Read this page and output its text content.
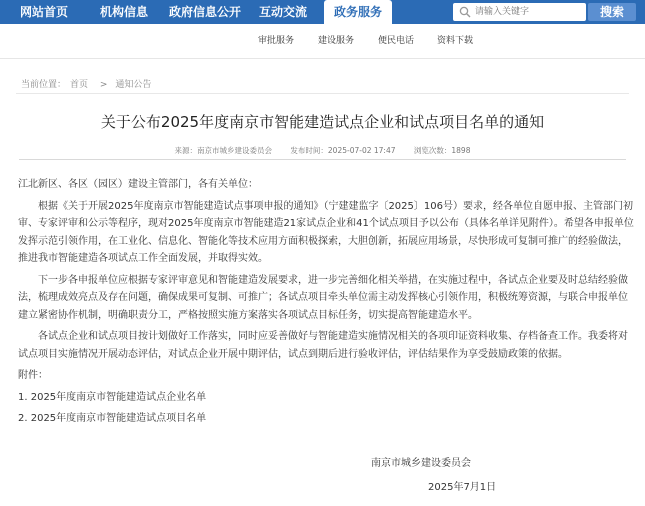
网站首页	机构信息 政府信息公开 互动交流	政务服务
请输入关键字	搜索
审批服务	建设服务	便民电话	资料下载
当前位置： 首页 > 通知公告
关于公布2025年度南京市智能建造试点企业和试点项目名单的通知
来源：南京市城乡建设委员会 发布时间：2025-07-02 17:47 浏览次数：1898

江北新区、各区（园区）建设主管部门，各有关单位：

根据《关于开展2025年度南京市智能建造试点事项申报的通知》（宁建建监字〔2025〕106号）要求，经各单位自愿申报、主管部门初审、专家评审和公示等程序，现对2025年度南京市智能建造21家试点企业和41个试点项目予以公布（具体名单详见附件）。希望各申报单位发挥示范引领作用，在工业化、信息化、智能化等技术应用方面积极探索，大胆创新，拓展应用场景，尽快形成可复制可推广的经验做法，推进我市智能建造各项试点工作全面发展，并取得实效。

下一步各申报单位应根据专家评审意见和智能建造发展要求，进一步完善细化相关举措，在实施过程中，各试点企业要及时总结经验做法，梳理成效亮点及存在问题，确保成果可复制、可推广；各试点项目牵头单位需主动发挥核心引领作用，积极统筹资源，与联合申报单位建立紧密协作机制，明确职责分工，严格按照实施方案落实各项试点目标任务，切实提高智能建造水平。

各试点企业和试点项目按计划做好工作落实，同时应妥善做好与智能建造实施情况相关的各项印证资料收集、存档备查工作。我委将对试点项目实施情况开展动态评估，对试点企业开展中期评估，试点到期后进行验收评估，评估结果作为享受鼓励政策的依据。

附件：

1. 2025年度南京市智能建造试点企业名单

2. 2025年度南京市智能建造试点项目名单

南京市城乡建设委员会
2025年7月1日
